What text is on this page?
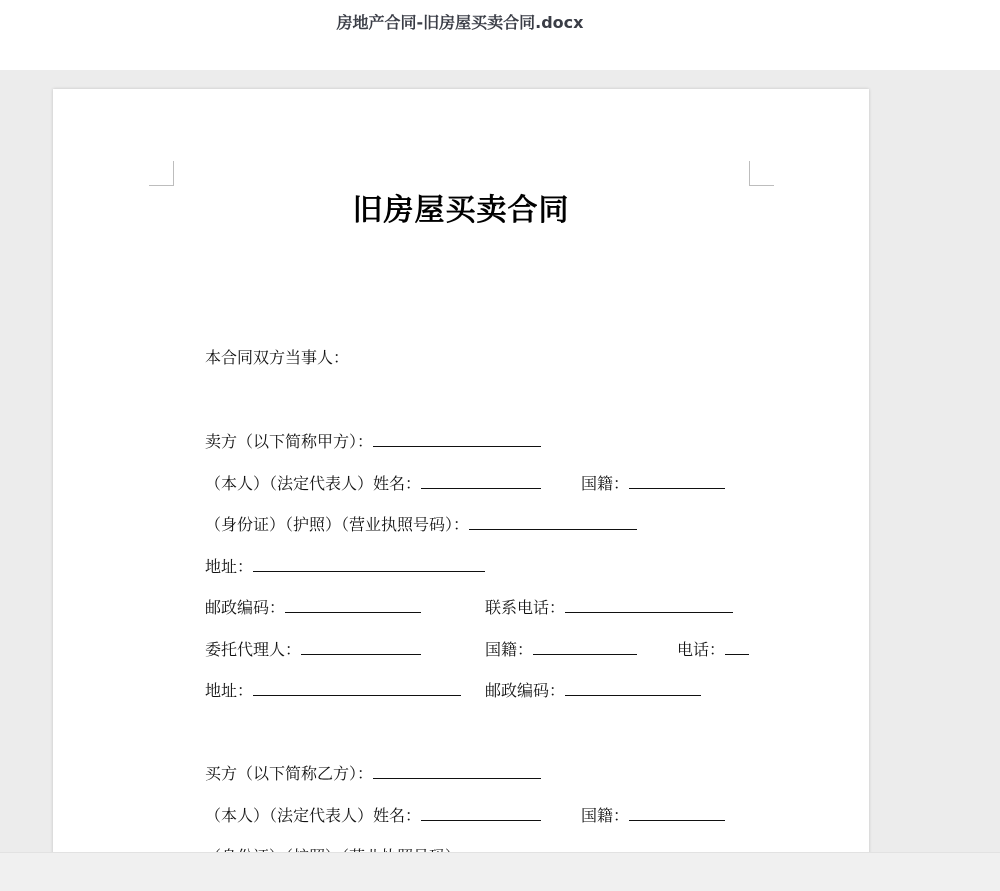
房地产合同-旧房屋买卖合同.docx
旧房屋买卖合同
本合同双方当事人：
卖方（以下简称甲方）：
（本人）（法定代表人）姓名：	国籍：
（身份证）（护照）（营业执照号码）：
地址：
邮政编码：	联系电话：
委托代理人：	国籍：	电话：
地址：	邮政编码：
买方（以下简称乙方）：
（本人）（法定代表人）姓名：	国籍：
